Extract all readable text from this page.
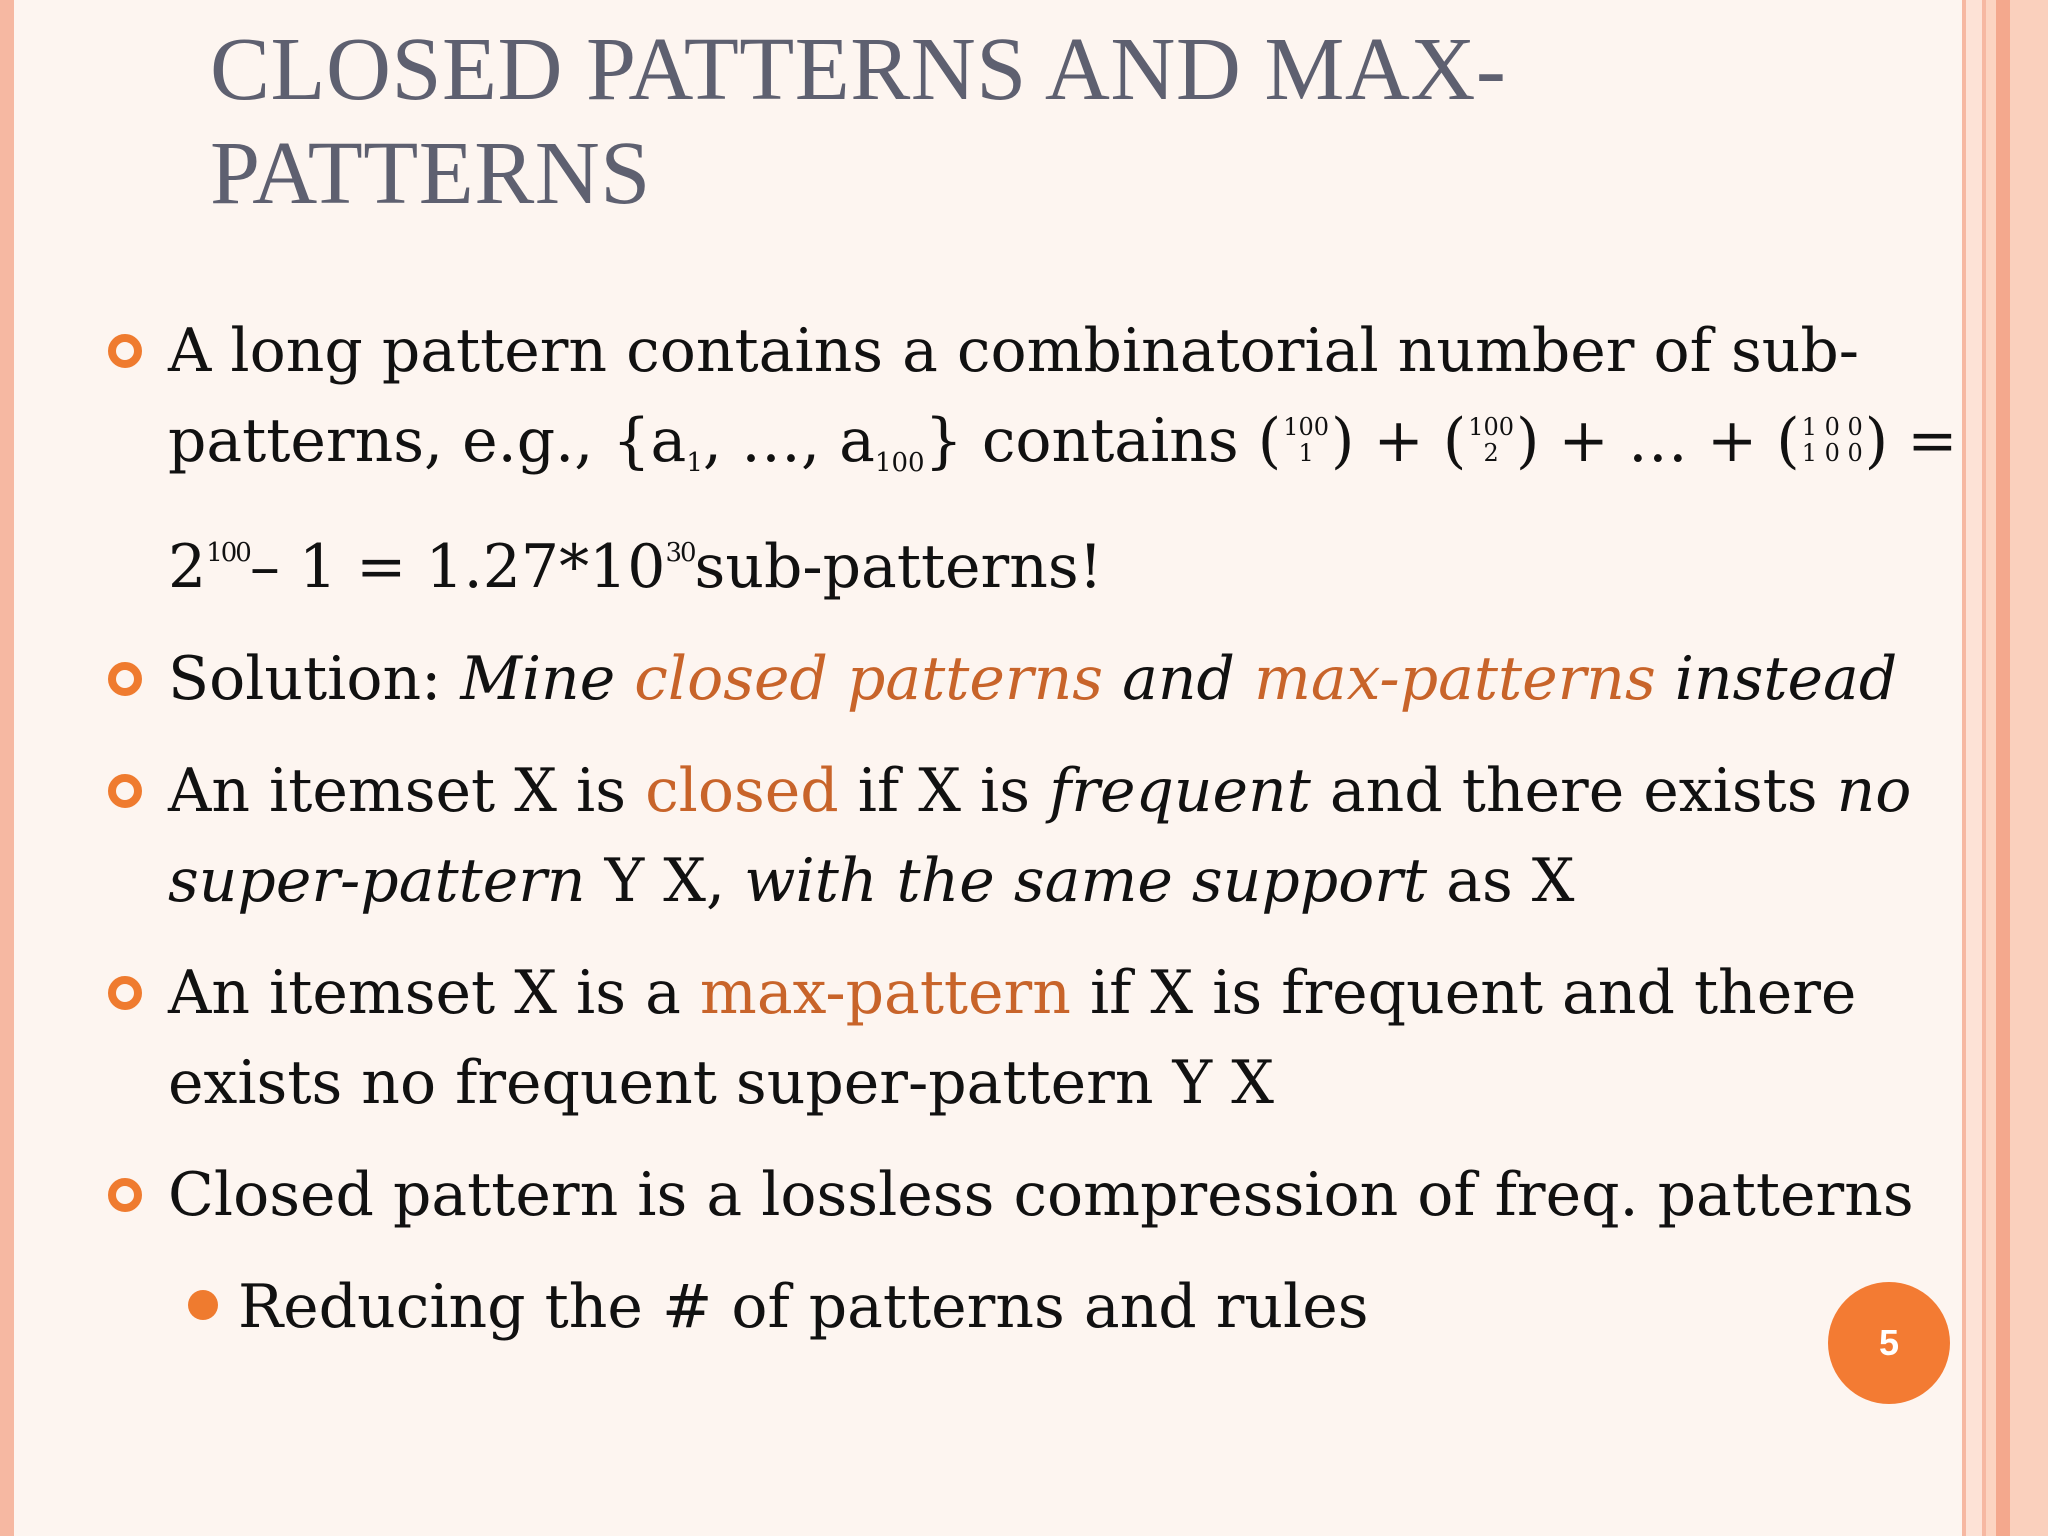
CLOSED PATTERNS AND MAX-PATTERNS
A long pattern contains a combinatorial number of sub-patterns, e.g., {$a_1$, …, $a_{100}$} contains ( 100
1 ) + ( 100
2 ) + … + ( 1 0 0
1 0 0 ) = $2^{100}-$ $1 = 1.27*10^{30}sub$-patterns!
Solution: Mine closed patterns and max-patterns instead
An itemset X is closed if X is frequent and there exists no super-pattern Y X, with the same support as X
An itemset X is a max-pattern if X is frequent and there exists no frequent super-pattern Y X
Closed pattern is a lossless compression of freq. patterns
Reducing the # of patterns and rules
5
